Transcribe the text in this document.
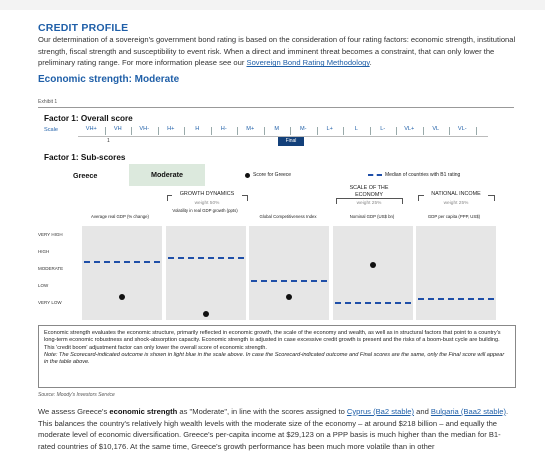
CREDIT PROFILE
Our determination of a sovereign's government bond rating is based on the consideration of four rating factors: economic strength, institutional strength, fiscal strength and susceptibility to event risk. When a direct and imminent threat becomes a constraint, that can only lower the preliminary rating range. For more information please see our Sovereign Bond Rating Methodology.
Economic strength: Moderate
Exhibit 1
Factor 1: Overall score
Scale	VH+	VH	VH-	H+	H	H-	M+	M	M-	L+	L	L-	VL+	VL	VL-
1	Final
Factor 1: Sub-scores
Greece	Moderate	Score for Greece	Median of countries with B1 rating
GROWTH DYNAMICS
weight 50%
SCALE OF THE ECONOMY
weight 25%
NATIONAL INCOME
weight 25%
Average real GDP (% change)
Volatility in real GDP growth (ppts)
Global Competitiveness Index	Nominal GDP (US$ bn)	GDP per capita (PPP, US$)
VERY HIGH
HIGH
MODERATE
LOW
VERY LOW
Economic strength evaluates the economic structure, primarily reflected in economic growth, the scale of the economy and wealth, as well as in structural factors that point to a country's long-term economic robustness and shock-absorption capacity. Economic strength is adjusted in case excessive credit growth is present and the risks of a boom-bust cycle are building. This 'credit boom' adjustment factor can only lower the overall score of economic strength.
Note: The Scorecard-indicated outcome is shown in light blue in the scale above. In case the Scorecard-indicated outcome and Final scores are the same, only the Final score will appear in the table above.
Source: Moody's Investors Service
We assess Greece's economic strength as "Moderate", in line with the scores assigned to Cyprus (Ba2 stable) and Bulgaria (Baa2 stable). This balances the country's relatively high wealth levels with the moderate size of the economy – at around $218 billion – and equally the moderate level of economic diversification. Greece's per-capita income at $29,123 on a PPP basis is much higher than the median for B1-rated countries of $10,176. At the same time, Greece's growth performance has been much more volatile than in other
